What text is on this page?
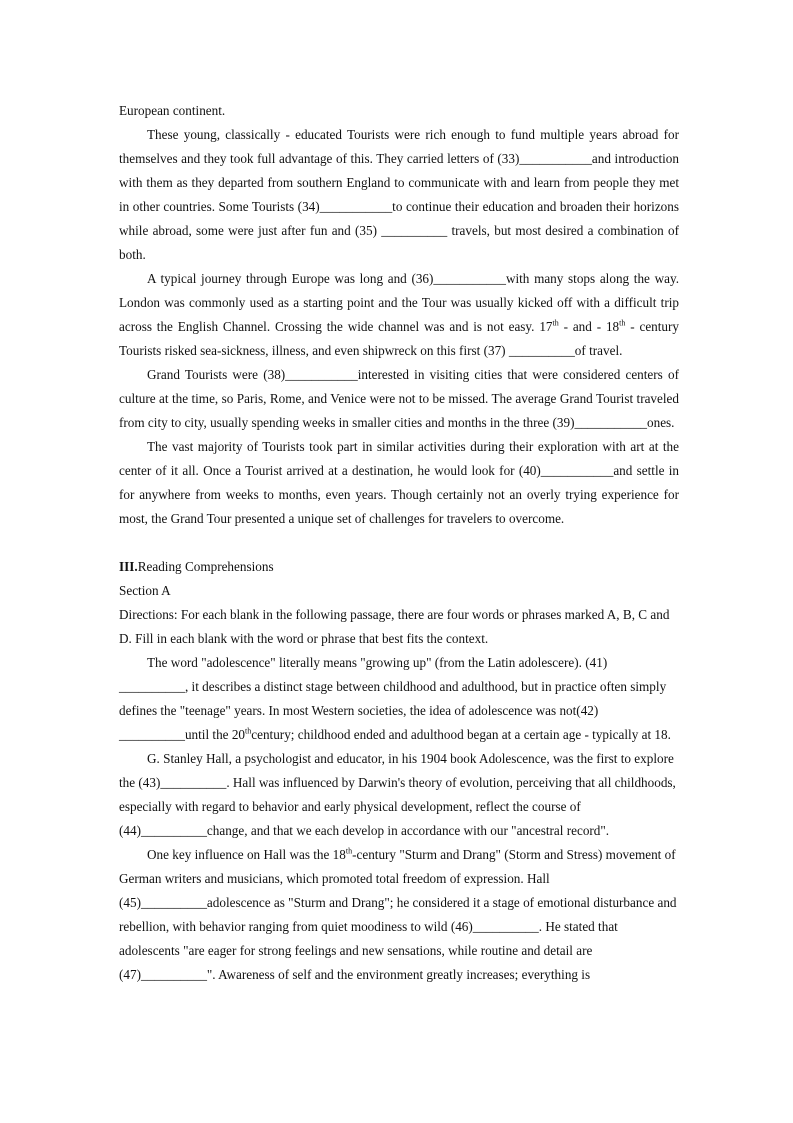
European continent.

These young, classically - educated Tourists were rich enough to fund multiple years abroad for themselves and they took full advantage of this. They carried letters of (33)___________and introduction with them as they departed from southern England to communicate with and learn from people they met in other countries. Some Tourists (34)___________to continue their education and broaden their horizons while abroad, some were just after fun and (35) __________ travels, but most desired a combination of both.

A typical journey through Europe was long and (36)___________with many stops along the way. London was commonly used as a starting point and the Tour was usually kicked off with a difficult trip across the English Channel. Crossing the wide channel was and is not easy. 17th - and - 18th - century Tourists risked sea-sickness, illness, and even shipwreck on this first (37) __________of travel.

Grand Tourists were (38)___________interested in visiting cities that were considered centers of culture at the time, so Paris, Rome, and Venice were not to be missed. The average Grand Tourist traveled from city to city, usually spending weeks in smaller cities and months in the three (39)___________ones.

The vast majority of Tourists took part in similar activities during their exploration with art at the center of it all. Once a Tourist arrived at a destination, he would look for (40)___________and settle in for anywhere from weeks to months, even years. Though certainly not an overly trying experience for most, the Grand Tour presented a unique set of challenges for travelers to overcome.

III.Reading Comprehensions

Section A

Directions: For each blank in the following passage, there are four words or phrases marked A, B, C and D. Fill in each blank with the word or phrase that best fits the context.

The word "adolescence" literally means "growing up" (from the Latin adolescere). (41) __________, it describes a distinct stage between childhood and adulthood, but in practice often simply defines the "teenage" years. In most Western societies, the idea of adolescence was not(42) __________until the 20thcentury; childhood ended and adulthood began at a certain age - typically at 18.

G. Stanley Hall, a psychologist and educator, in his 1904 book Adolescence, was the first to explore the (43)__________. Hall was influenced by Darwin's theory of evolution, perceiving that all childhoods, especially with regard to behavior and early physical development, reflect the course of (44)__________change, and that we each develop in accordance with our "ancestral record".

One key influence on Hall was the 18th-century "Sturm and Drang" (Storm and Stress) movement of German writers and musicians, which promoted total freedom of expression. Hall (45)__________adolescence as "Sturm and Drang"; he considered it a stage of emotional disturbance and rebellion, with behavior ranging from quiet moodiness to wild (46)__________. He stated that adolescents "are eager for strong feelings and new sensations, while routine and detail are (47)__________". Awareness of self and the environment greatly increases; everything is
